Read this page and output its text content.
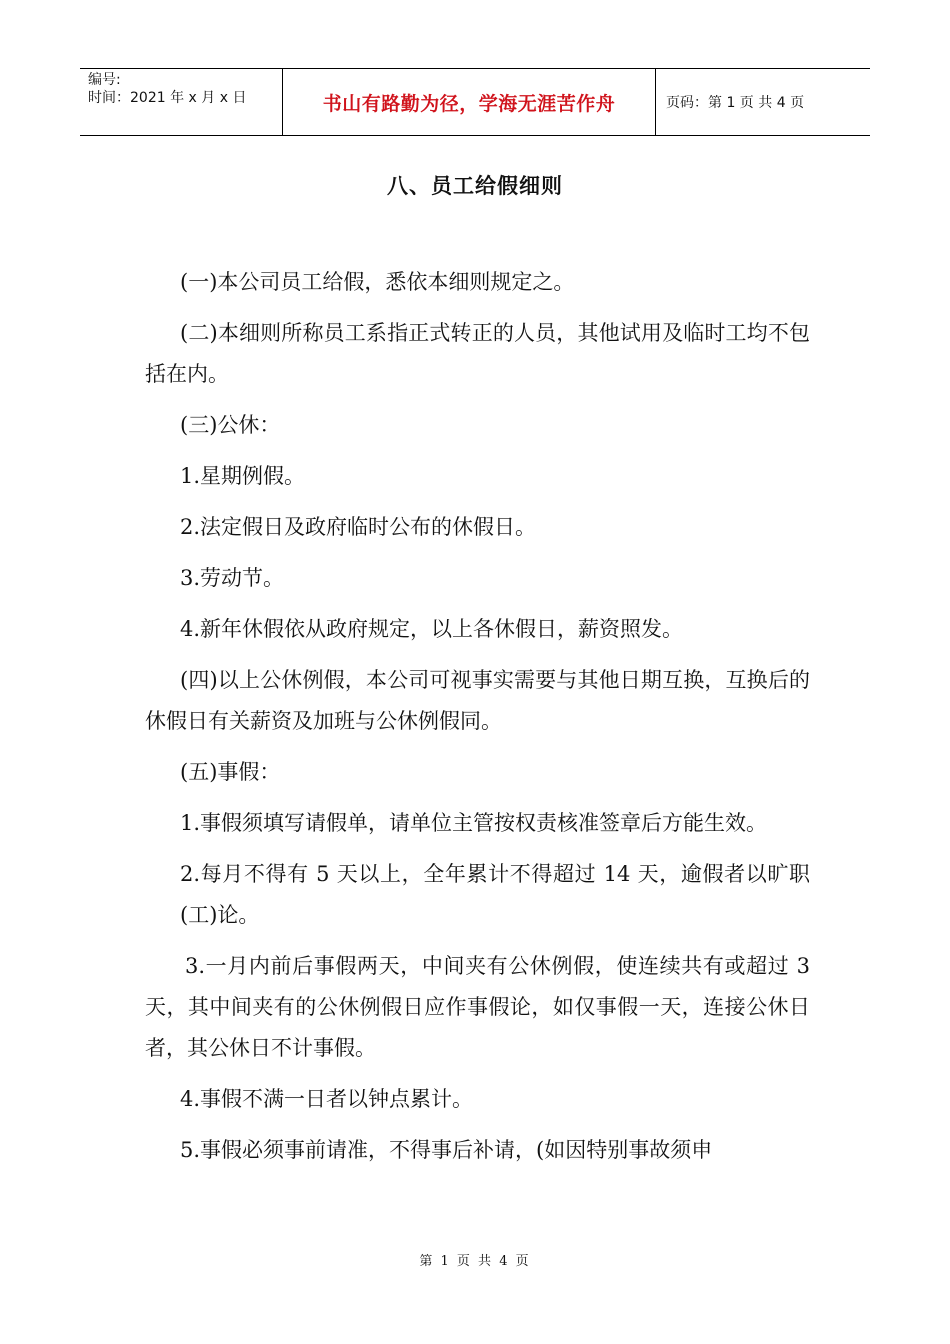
编号:
时间：2021 年 x 月 x 日	书山有路勤为径，学海无涯苦作舟	页码：第 1 页 共 4 页
八、员工给假细则

(一)本公司员工给假，悉依本细则规定之。

(二)本细则所称员工系指正式转正的人员，其他试用及临时工均不包括在内。

(三)公休：

1.星期例假。

2.法定假日及政府临时公布的休假日。

3.劳动节。

4.新年休假依从政府规定，以上各休假日，薪资照发。

(四)以上公休例假，本公司可视事实需要与其他日期互换，互换后的休假日有关薪资及加班与公休例假同。

(五)事假：

1.事假须填写请假单，请单位主管按权责核准签章后方能生效。

2.每月不得有 5 天以上，全年累计不得超过 14 天，逾假者以旷职(工)论。

3.一月内前后事假两天，中间夹有公休例假，使连续共有或超过 3 天，其中间夹有的公休例假日应作事假论，如仅事假一天，连接公休日者，其公休日不计事假。

4.事假不满一日者以钟点累计。

5.事假必须事前请准，不得事后补请，(如因特别事故须申

第 1 页 共 4 页
